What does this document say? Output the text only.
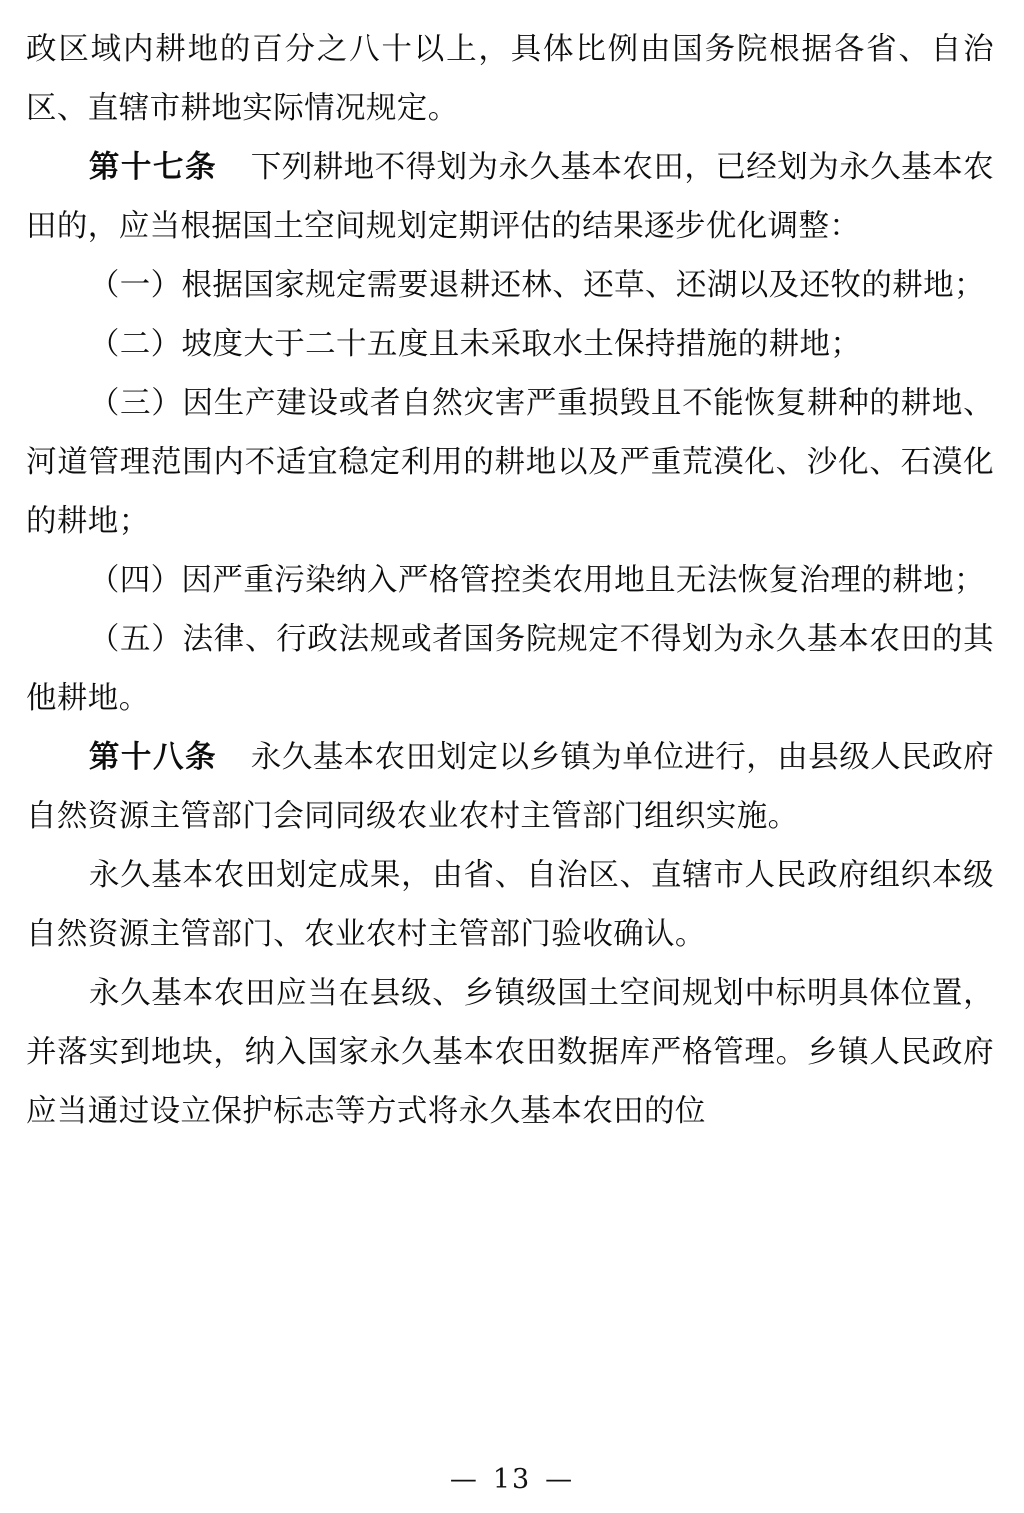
政区域内耕地的百分之八十以上，具体比例由国务院根据各省、自治区、直辖市耕地实际情况规定。

第十七条 下列耕地不得划为永久基本农田，已经划为永久基本农田的，应当根据国土空间规划定期评估的结果逐步优化调整：

（一）根据国家规定需要退耕还林、还草、还湖以及还牧的耕地；

（二）坡度大于二十五度且未采取水土保持措施的耕地；

（三）因生产建设或者自然灾害严重损毁且不能恢复耕种的耕地、河道管理范围内不适宜稳定利用的耕地以及严重荒漠化、沙化、石漠化的耕地；

（四）因严重污染纳入严格管控类农用地且无法恢复治理的耕地；

（五）法律、行政法规或者国务院规定不得划为永久基本农田的其他耕地。

第十八条 永久基本农田划定以乡镇为单位进行，由县级人民政府自然资源主管部门会同同级农业农村主管部门组织实施。

永久基本农田划定成果，由省、自治区、直辖市人民政府组织本级自然资源主管部门、农业农村主管部门验收确认。

永久基本农田应当在县级、乡镇级国土空间规划中标明具体位置，并落实到地块，纳入国家永久基本农田数据库严格管理。乡镇人民政府应当通过设立保护标志等方式将永久基本农田的位

— 13 —
